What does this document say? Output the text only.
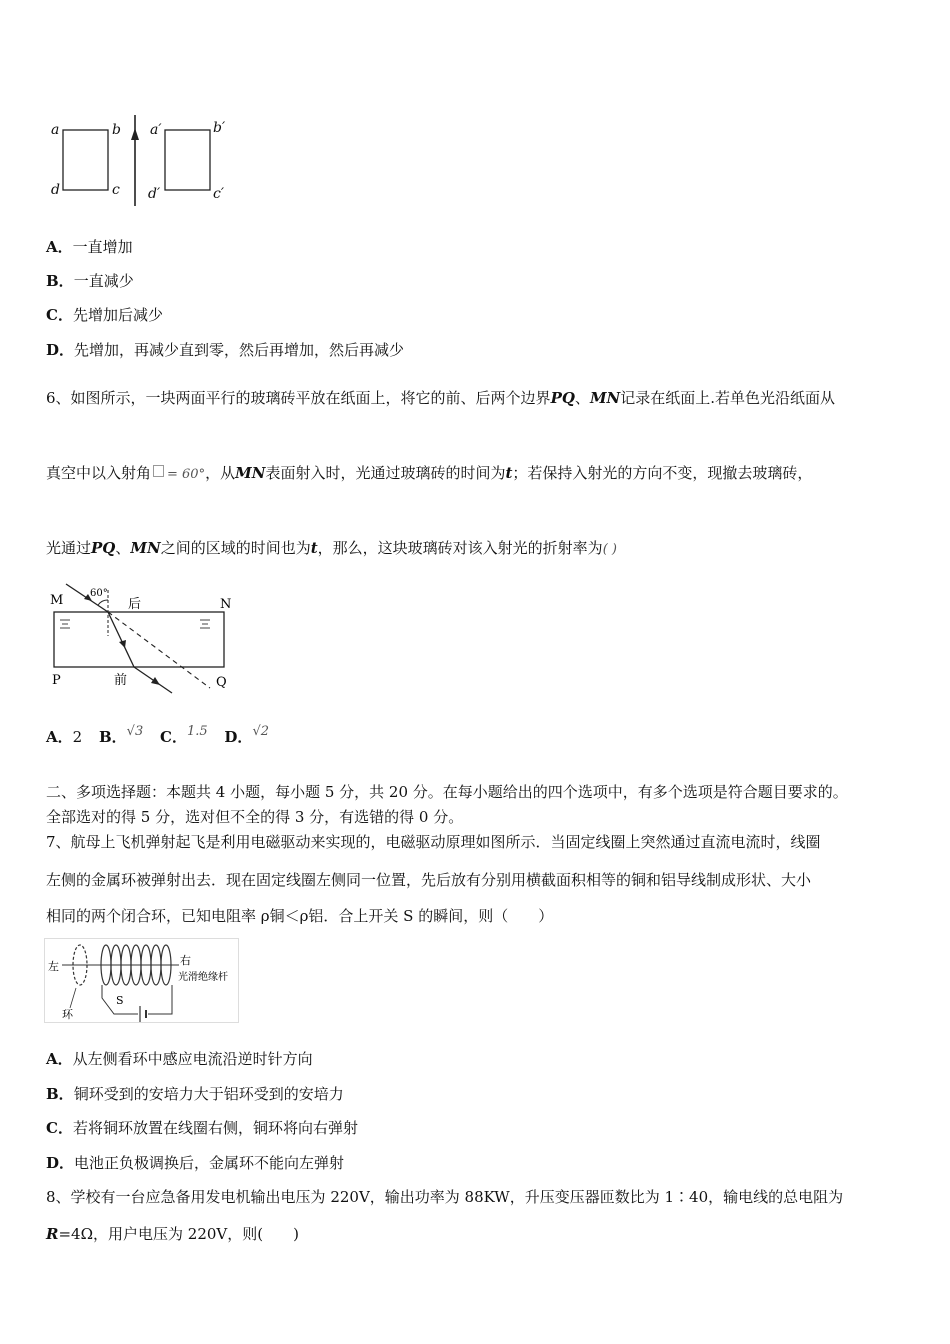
a	b
c
d
a′	b′
c′
d′
A．一直增加
B．一直减少
C．先增加后减少
D．先增加，再减少直到零，然后再增加，然后再减少
6、如图所示，一块两面平行的玻璃砖平放在纸面上，将它的前、后两个边界PQ、MN记录在纸面上.若单色光沿纸面从
真空中以入射角 = 60°，从MN表面射入时，光通过玻璃砖的时间为t；若保持入射光的方向不变，现撤去玻璃砖，
光通过PQ、MN之间的区域的时间也为t，那么，这块玻璃砖对该入射光的折射率为( )
M	N
P	Q
60°
后
前
A．2 B．√3 C．1.5 D．√2
二、多项选择题：本题共 4 小题，每小题 5 分，共 20 分。在每小题给出的四个选项中，有多个选项是符合题目要求的。
全部选对的得 5 分，选对但不全的得 3 分，有选错的得 0 分。
7、航母上飞机弹射起飞是利用电磁驱动来实现的，电磁驱动原理如图所示．当固定线圈上突然通过直流电流时，线圈
左侧的金属环被弹射出去．现在固定线圈左侧同一位置，先后放有分别用横截面积相等的铜和铝导线制成形状、大小
相同的两个闭合环，已知电阻率 ρ铜＜ρ铝．合上开关 S 的瞬间，则（　　）
左	右
光滑绝缘杆
环
S
A．从左侧看环中感应电流沿逆时针方向
B．铜环受到的安培力大于铝环受到的安培力
C．若将铜环放置在线圈右侧，铜环将向右弹射
D．电池正负极调换后，金属环不能向左弹射
8、学校有一台应急备用发电机输出电压为 220V，输出功率为 88KW，升压变压器匝数比为 1∶40，输电线的总电阻为
R=4Ω，用户电压为 220V，则(　　)
